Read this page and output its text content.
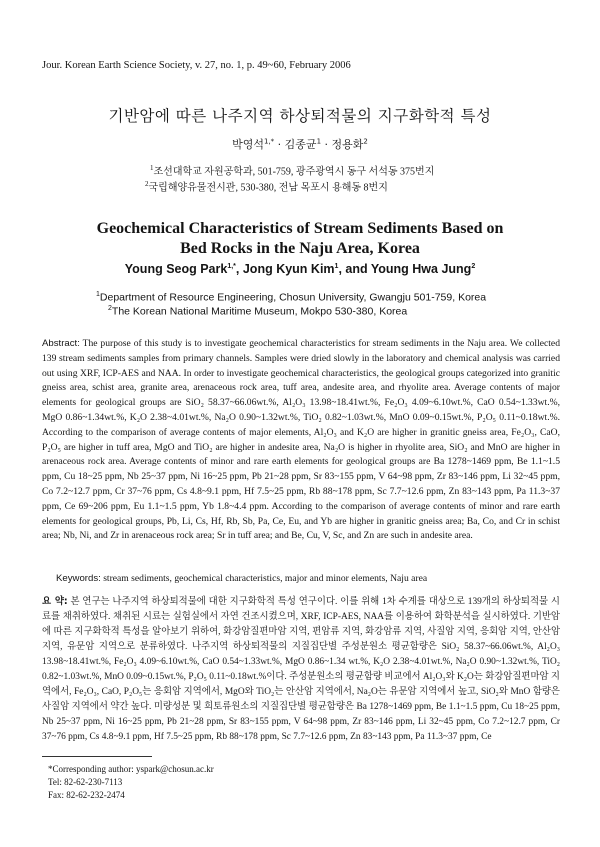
Jour. Korean Earth Science Society, v. 27, no. 1, p. 49~60, February 2006
기반암에 따른 나주지역 하상퇴적물의 지구화학적 특성
박영석$^{1,*}$ · 김종균$^1$ · 정용화$^2$
$^1$조선대학교 자원공학과, 501-759, 광주광역시 동구 서석동 375번지
$^2$국립해양유물전시관, 530-380, 전남 목포시 용해동 8번지
Geochemical Characteristics of Stream Sediments Based on
Bed Rocks in the Naju Area, Korea
Young Seog Park$^{1,*}$, Jong Kyun Kim$^1$, and Young Hwa Jung$^2$
$^1$Department of Resource Engineering, Chosun University, Gwangju 501-759, Korea
$^2$The Korean National Maritime Museum, Mokpo 530-380, Korea
Abstract: The purpose of this study is to investigate geochemical characteristics for stream sediments in the Naju area. We collected 139 stream sediments samples from primary channels. Samples were dried slowly in the laboratory and chemical analysis was carried out using XRF, ICP-AES and NAA. In order to investigate geochemical characteristics, the geological groups categorized into granitic gneiss area, schist area, granite area, arenaceous rock area, tuff area, andesite area, and rhyolite area. Average contents of major elements for geological groups are SiO₂ 58.37~66.06wt.%, Al₂O₃ 13.98~18.41wt.%, Fe₂O₃ 4.09~6.10wt.%, CaO 0.54~1.33wt.%, MgO 0.86~1.34wt.%, K₂O 2.38~4.01wt.%, Na₂O 0.90~1.32wt.%, TiO₂ 0.82~1.03wt.%, MnO 0.09~0.15wt.%, P₂O₅ 0.11~0.18wt.%. According to the comparison of average contents of major elements, Al₂O₃ and K₂O are higher in granitic gneiss area, Fe₂O₃, CaO, P₂O₅ are higher in tuff area, MgO and TiO₂ are higher in andesite area, Na₂O is higher in rhyolite area, SiO₂ and MnO are higher in arenaceous rock area. Average contents of minor and rare earth elements for geological groups are Ba 1278~1469 ppm, Be 1.1~1.5 ppm, Cu 18~25 ppm, Nb 25~37 ppm, Ni 16~25 ppm, Pb 21~28 ppm, Sr 83~155 ppm, V 64~98 ppm, Zr 83~146 ppm, Li 32~45 ppm, Co 7.2~12.7 ppm, Cr 37~76 ppm, Cs 4.8~9.1 ppm, Hf 7.5~25 ppm, Rb 88~178 ppm, Sc 7.7~12.6 ppm, Zn 83~143 ppm, Pa 11.3~37 ppm, Ce 69~206 ppm, Eu 1.1~1.5 ppm, Yb 1.8~4.4 ppm. According to the comparison of average contents of minor and rare earth elements for geological groups, Pb, Li, Cs, Hf, Rb, Sb, Pa, Ce, Eu, and Yb are higher in granitic gneiss area; Ba, Co, and Cr in schist area; Nb, Ni, and Zr in arenaceous rock area; Sr in tuff area; and Be, Cu, V, Sc, and Zn are such in andesite area.
Keywords: stream sediments, geochemical characteristics, major and minor elements, Naju area
요 약: 본 연구는 나주지역 하상퇴적물에 대한 지구화학적 특성 연구이다. 이를 위해 1차 수계를 대상으로 139개의 하상퇴적물 시료를 채취하였다. 채취된 시료는 실험실에서 자연 건조시켰으며, XRF, ICP-AES, NAA를 이용하여 화학분석을 실시하였다. 기반암에 따른 지구화학적 특성을 알아보기 위하여, 화강암질편마암 지역, 편암류 지역, 화강암류 지역, 사질암 지역, 응회암 지역, 안산암 지역, 유문암 지역으로 분류하였다. 나주지역 하상퇴적물의 지질집단별 주성분원소 평균함량은 SiO₂ 58.37~66.06wt.%, Al₂O₃ 13.98~18.41wt.%, Fe₂O₃ 4.09~6.10wt.%, CaO 0.54~1.33wt.%, MgO 0.86~1.34 wt.%, K₂O 2.38~4.01wt.%, Na₂O 0.90~1.32wt.%, TiO₂ 0.82~1.03wt.%, MnO 0.09~0.15wt.%, P₂O₅ 0.11~0.18wt.%이다. 주성분원소의 평균함량 비교에서 Al₂O₃와 K₂O는 화강암질편마암 지역에서, Fe₂O₃, CaO, P₂O₅는 응회암 지역에서, MgO와 TiO₂는 안산암 지역에서, Na₂O는 유문암 지역에서 높고, SiO₂와 MnO 함량은 사질암 지역에서 약간 높다. 미량성분 및 희토류원소의 지질집단별 평균함량은 Ba 1278~1469 ppm, Be 1.1~1.5 ppm, Cu 18~25 ppm, Nb 25~37 ppm, Ni 16~25 ppm, Pb 21~28 ppm, Sr 83~155 ppm, V 64~98 ppm, Zr 83~146 ppm, Li 32~45 ppm, Co 7.2~12.7 ppm, Cr 37~76 ppm, Cs 4.8~9.1 ppm, Hf 7.5~25 ppm, Rb 88~178 ppm, Sc 7.7~12.6 ppm, Zn 83~143 ppm, Pa 11.3~37 ppm, Ce
*Corresponding author: yspark@chosun.ac.kr
Tel: 82-62-230-7113
Fax: 82-62-232-2474
